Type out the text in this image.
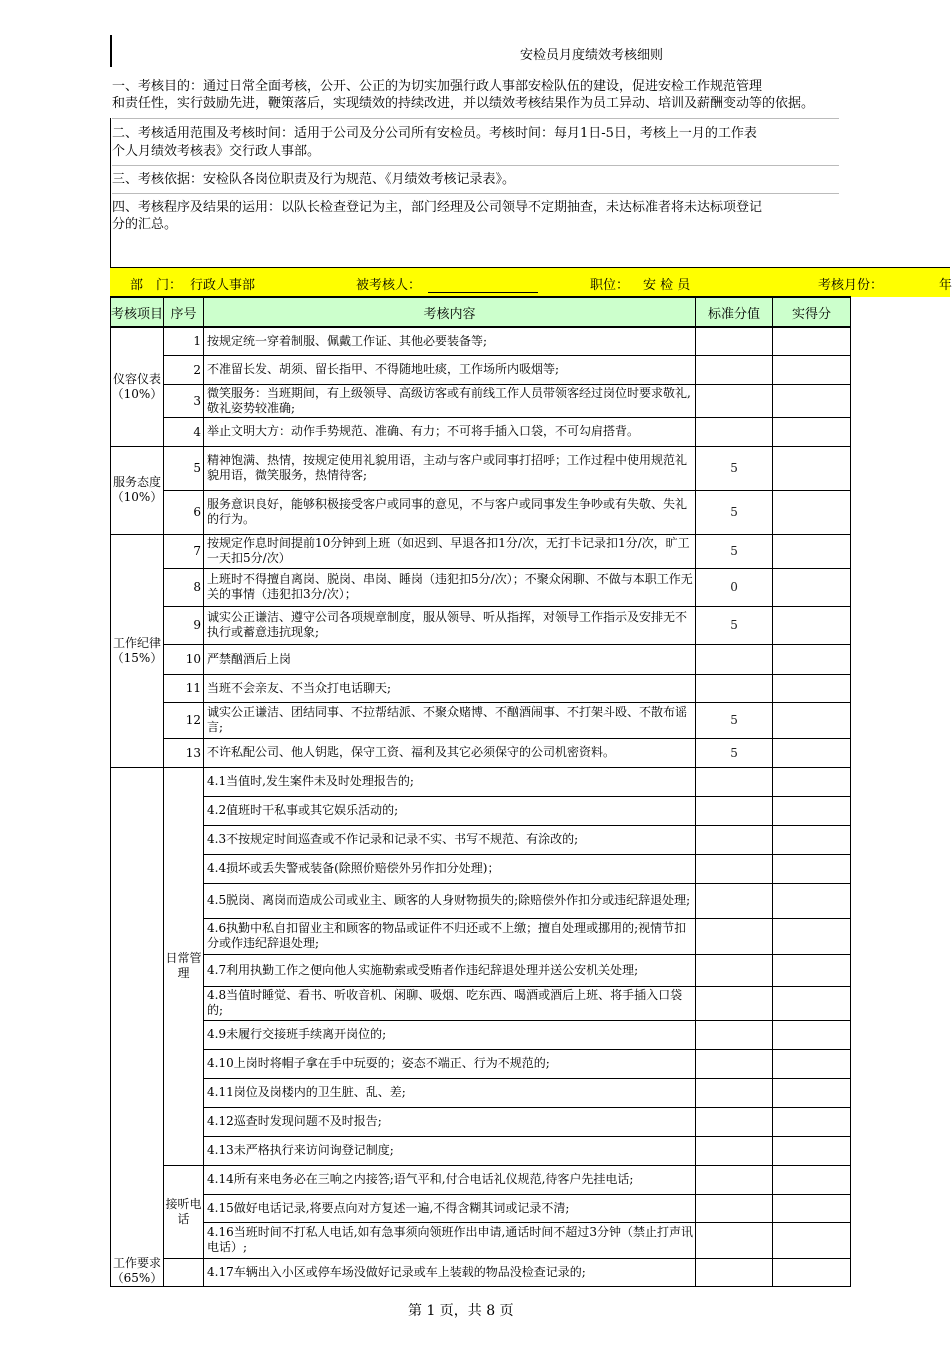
安检员月度绩效考核细则
一、考核目的：通过日常全面考核，公开、公正的为切实加强行政人事部安检队伍的建设，促进安检工作规范管理
和责任性，实行鼓励先进，鞭策落后，实现绩效的持续改进，并以绩效考核结果作为员工异动、培训及薪酬变动等的依据。
二、考核适用范围及考核时间：适用于公司及分公司所有安检员。考核时间：每月1日-5日，考核上一月的工作表
个人月绩效考核表》交行政人事部。
三、考核依据：安检队各岗位职责及行为规范、《月绩效考核记录表》。
四、考核程序及结果的运用：以队长检查登记为主，部门经理及公司领导不定期抽查，未达标准者将未达标项登记
分的汇总。
部　门： 行政人事部	被考核人：	职位： 安 检 员	考核月份：	年
考核项目	序号	考核内容	标准分值	实得分
仪容仪表（10%）	1	按规定统一穿着制服、佩戴工作证、其他必要装备等;		
	2	不准留长发、胡须、留长指甲、不得随地吐痰，工作场所内吸烟等;		
	3	微笑服务：当班期间，有上级领导、高级访客或有前线工作人员带领客经过岗位时要求敬礼,敬礼姿势较准确;		
	4	举止文明大方：动作手势规范、准确、有力；不可将手插入口袋，不可勾肩搭背。		
服务态度（10%）	5	精神饱满、热情，按规定使用礼貌用语，主动与客户或同事打招呼；工作过程中使用规范礼貌用语，微笑服务，热情待客;	5	
	6	服务意识良好，能够积极接受客户或同事的意见，不与客户或同事发生争吵或有失敬、失礼的行为。	5	
工作纪律（15%）	7	按规定作息时间提前10分钟到上班（如迟到、早退各扣1分/次，无打卡记录扣1分/次，旷工一天扣5分/次）	5	
	8	上班时不得擅自离岗、脱岗、串岗、睡岗（违犯扣5分/次）；不聚众闲聊、不做与本职工作无关的事情（违犯扣3分/次）；	0	
	9	诚实公正谦洁、遵守公司各项规章制度，服从领导、听从指挥，对领导工作指示及安排无不执行或蓄意违抗现象;	5	
	10	严禁酗酒后上岗		
	11	当班不会亲友、不当众打电话聊天;		
	12	诚实公正谦洁、团结同事、不拉帮结派、不聚众赌博、不酗酒闹事、不打架斗殴、不散布谣言;	5	
	13	不许私配公司、他人钥匙，保守工资、福利及其它必须保守的公司机密资料。	5	
工作要求（65%）	日常管理	4.1当值时,发生案件未及时处理报告的;		
		4.2值班时干私事或其它娱乐活动的;		
		4.3不按规定时间巡查或不作记录和记录不实、书写不规范、有涂改的;		
		4.4损坏或丢失警戒装备(除照价赔偿外另作扣分处理)；		
		4.5脱岗、离岗而造成公司或业主、顾客的人身财物损失的;除赔偿外作扣分或违纪辞退处理;		
		4.6执勤中私自扣留业主和顾客的物品或证件不归还或不上缴；擅自处理或挪用的;视情节扣分或作违纪辞退处理;		
		4.7利用执勤工作之便向他人实施勒索或受贿者作违纪辞退处理并送公安机关处理;		
		4.8当值时睡觉、看书、听收音机、闲聊、吸烟、吃东西、喝酒或酒后上班、将手插入口袋的;		
		4.9未履行交接班手续离开岗位的;		
		4.10上岗时将帽子拿在手中玩耍的；姿态不端正、行为不规范的;		
		4.11岗位及岗楼内的卫生脏、乱、差;		
		4.12巡查时发现问题不及时报告;		
		4.13未严格执行来访问询登记制度;		
	接听电话	4.14所有来电务必在三响之内接答;语气平和,付合电话礼仪规范,待客户先挂电话;		
		4.15做好电话记录,将要点向对方复述一遍,不得含糊其词或记录不清;		
		4.16当班时间不打私人电话,如有急事须向领班作出申请,通话时间不超过3分钟（禁止打声讯电话）;		
		4.17车辆出入小区或停车场没做好记录或车上装载的物品没检查记录的;		
第 1 页，共 8 页
